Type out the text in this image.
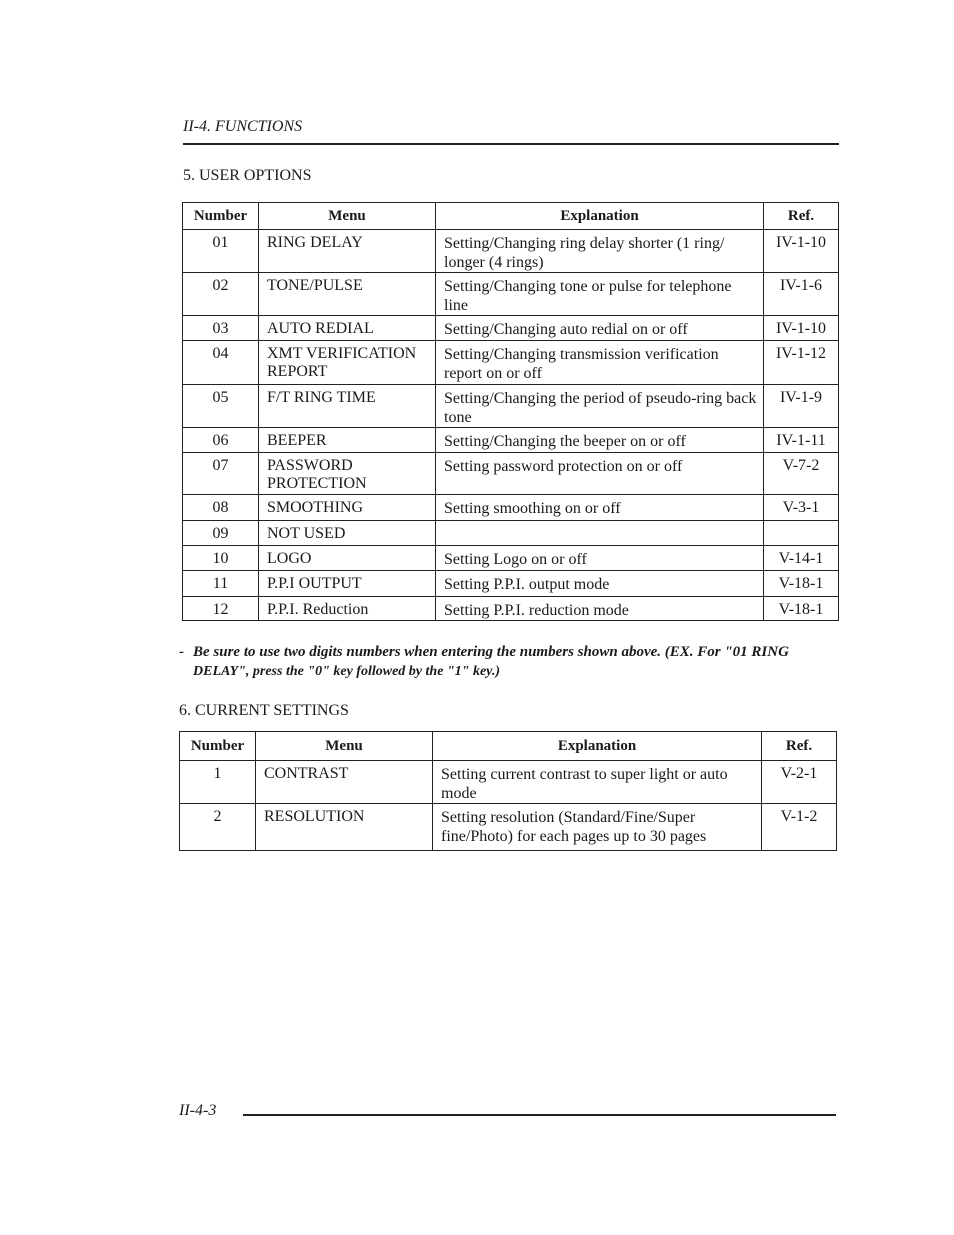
II-4. FUNCTIONS
5. USER OPTIONS
Number	Menu	Explanation	Ref.
01	RING DELAY	Setting/Changing ring delay shorter (1 ring/ longer (4 rings)	IV-1-10
02	TONE/PULSE	Setting/Changing tone or pulse for telephone line	IV-1-6
03	AUTO REDIAL	Setting/Changing auto redial on or off	IV-1-10
04	XMT VERIFICATION REPORT	Setting/Changing transmission verification report on or off	IV-1-12
05	F/T RING TIME	Setting/Changing the period of pseudo-ring back tone	IV-1-9
06	BEEPER	Setting/Changing the beeper on or off	IV-1-11
07	PASSWORD PROTECTION	Setting password protection on or off	V-7-2
08	SMOOTHING	Setting smoothing on or off	V-3-1
09	NOT USED		
10	LOGO	Setting Logo on or off	V-14-1
11	P.P.I OUTPUT	Setting P.P.I. output mode	V-18-1
12	P.P.I. Reduction	Setting P.P.I. reduction mode	V-18-1
- Be sure to use two digits numbers when entering the numbers shown above. (EX. For "01 RING
DELAY", press the "0" key followed by the "1" key.)
6. CURRENT SETTINGS
Number	Menu	Explanation	Ref.
1	CONTRAST	Setting current contrast to super light or auto mode	V-2-1
2	RESOLUTION	Setting resolution (Standard/Fine/Super fine/Photo) for each pages up to 30 pages	V-1-2
II-4-3
